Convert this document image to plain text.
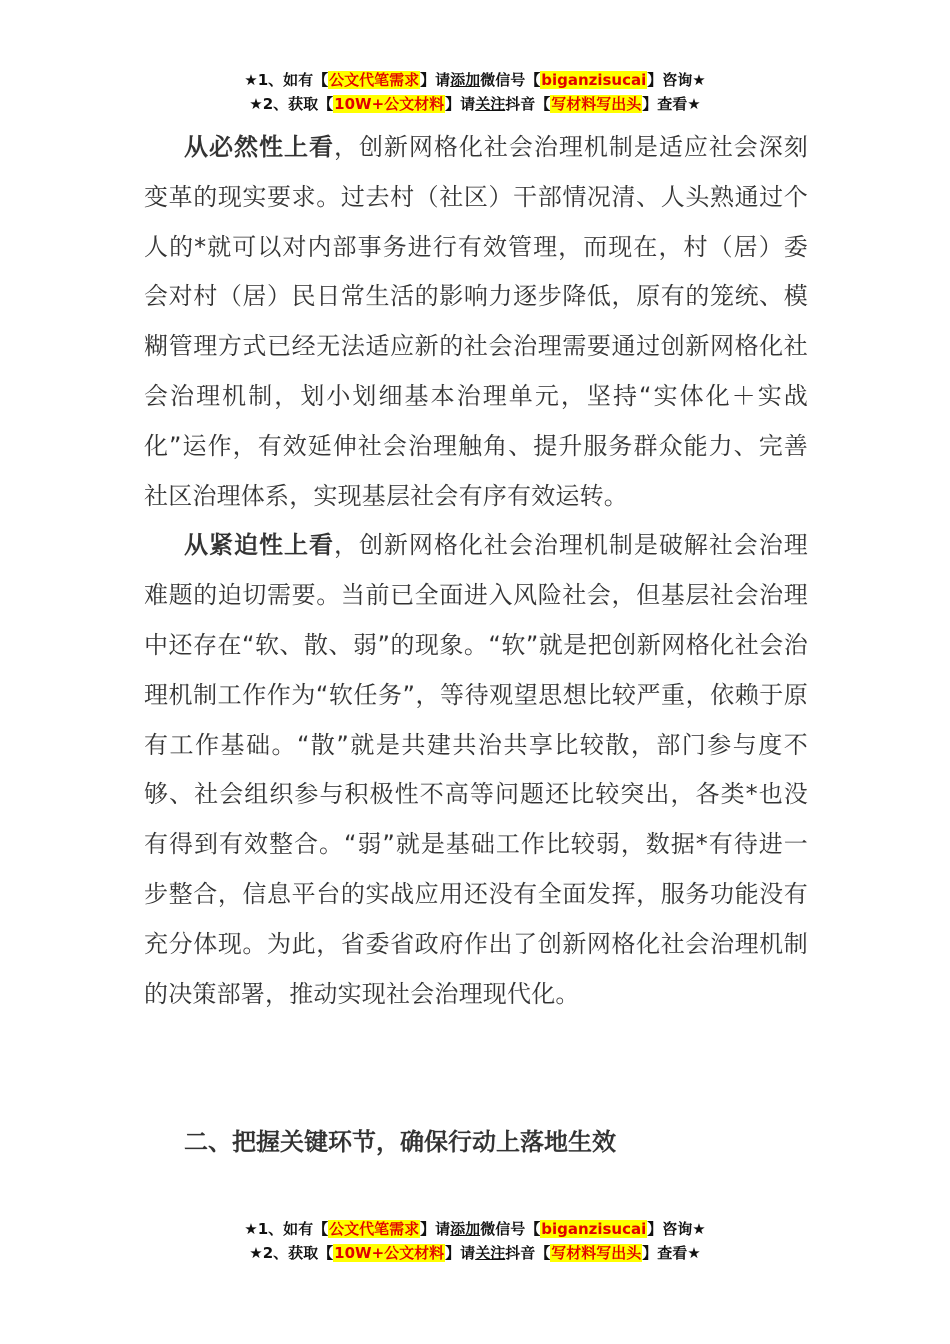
★1、如有【公文代笔需求】请添加微信号【biganzisucai】咨询★
★2、获取【10W+公文材料】请关注抖音【写材料写出头】查看★

从必然性上看，创新网格化社会治理机制是适应社会深刻变革的现实要求。过去村（社区）干部情况清、人头熟通过个人的*就可以对内部事务进行有效管理，而现在，村（居）委会对村（居）民日常生活的影响力逐步降低，原有的笼统、模糊管理方式已经无法适应新的社会治理需要通过创新网格化社会治理机制，划小划细基本治理单元，坚持“实体化＋实战化”运作，有效延伸社会治理触角、提升服务群众能力、完善社区治理体系，实现基层社会有序有效运转。

从紧迫性上看，创新网格化社会治理机制是破解社会治理难题的迫切需要。当前已全面进入风险社会，但基层社会治理中还存在“软、散、弱”的现象。“软”就是把创新网格化社会治理机制工作作为“软任务”，等待观望思想比较严重，依赖于原有工作基础。“散”就是共建共治共享比较散，部门参与度不够、社会组织参与积极性不高等问题还比较突出，各类*也没有得到有效整合。“弱”就是基础工作比较弱，数据*有待进一步整合，信息平台的实战应用还没有全面发挥，服务功能没有充分体现。为此，省委省政府作出了创新网格化社会治理机制的决策部署，推动实现社会治理现代化。

二、把握关键环节，确保行动上落地生效
★1、如有【公文代笔需求】请添加微信号【biganzisucai】咨询★
★2、获取【10W+公文材料】请关注抖音【写材料写出头】查看★
